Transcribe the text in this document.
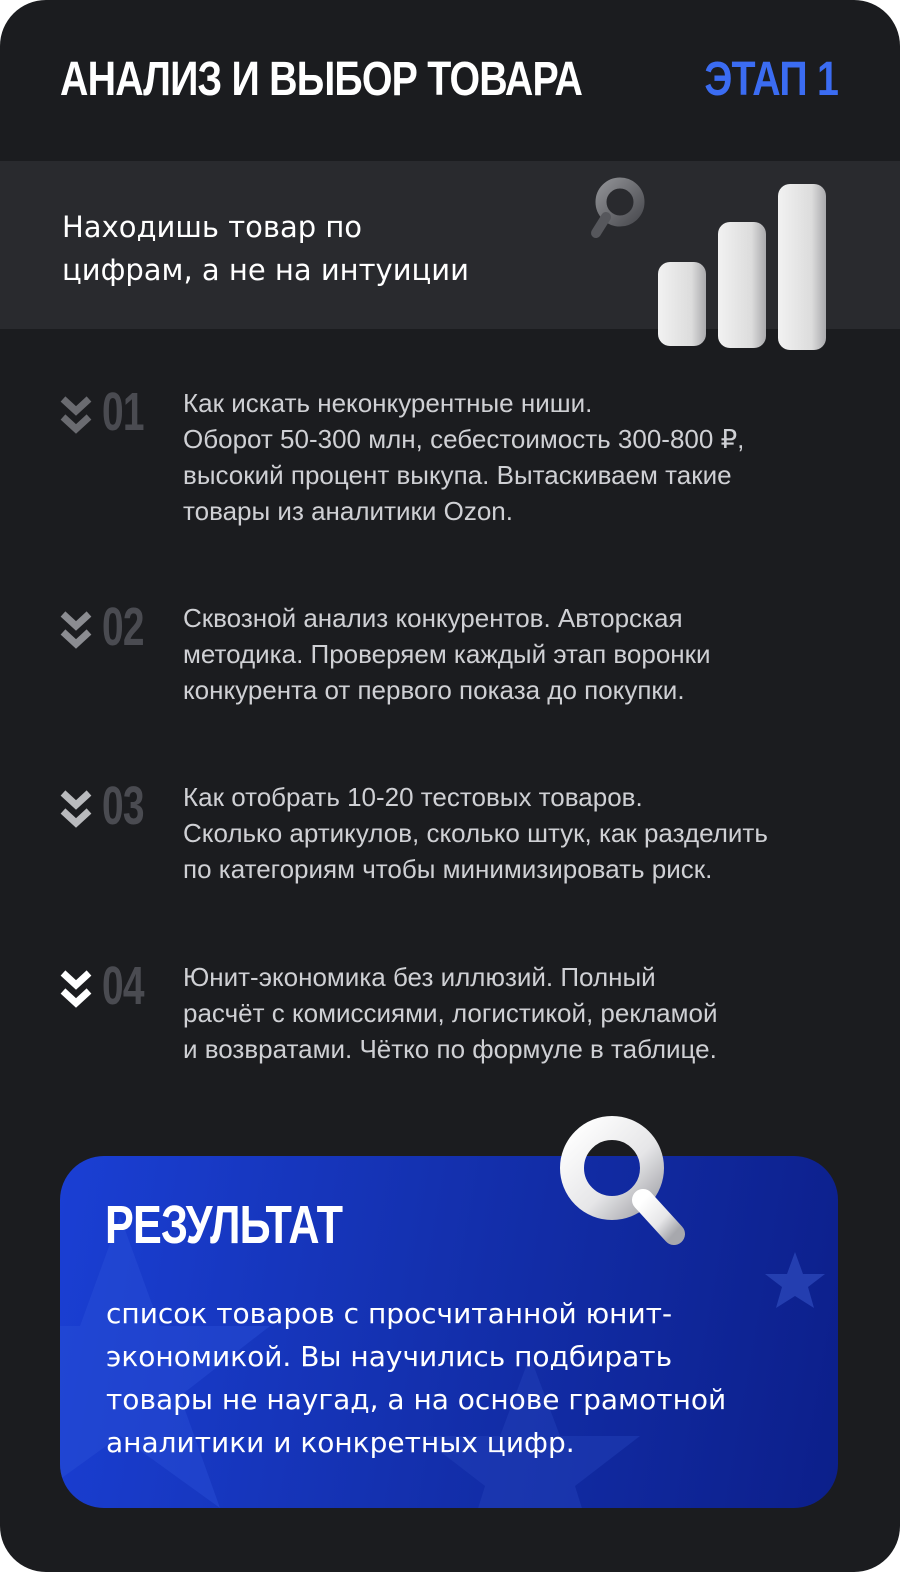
АНАЛИЗ И ВЫБОР ТОВАРА	ЭТАП 1
Находишь товар по
цифрам, а не на интуиции
01 Как искать неконкурентные ниши.
Оборот 50-300 млн, себестоимость 300-800 ₽,
высокий процент выкупа. Вытаскиваем такие
товары из аналитики Ozon.
02 Сквозной анализ конкурентов. Авторская
методика. Проверяем каждый этап воронки
конкурента от первого показа до покупки.
03 Как отобрать 10-20 тестовых товаров.
Сколько артикулов, сколько штук, как разделить
по категориям чтобы минимизировать риск.
04 Юнит-экономика без иллюзий. Полный
расчёт с комиссиями, логистикой, рекламой
и возвратами. Чётко по формуле в таблице.
РЕЗУЛЬТАТ
список товаров с просчитанной юнит-
экономикой. Вы научились подбирать
товары не наугад, а на основе грамотной
аналитики и конкретных цифр.
